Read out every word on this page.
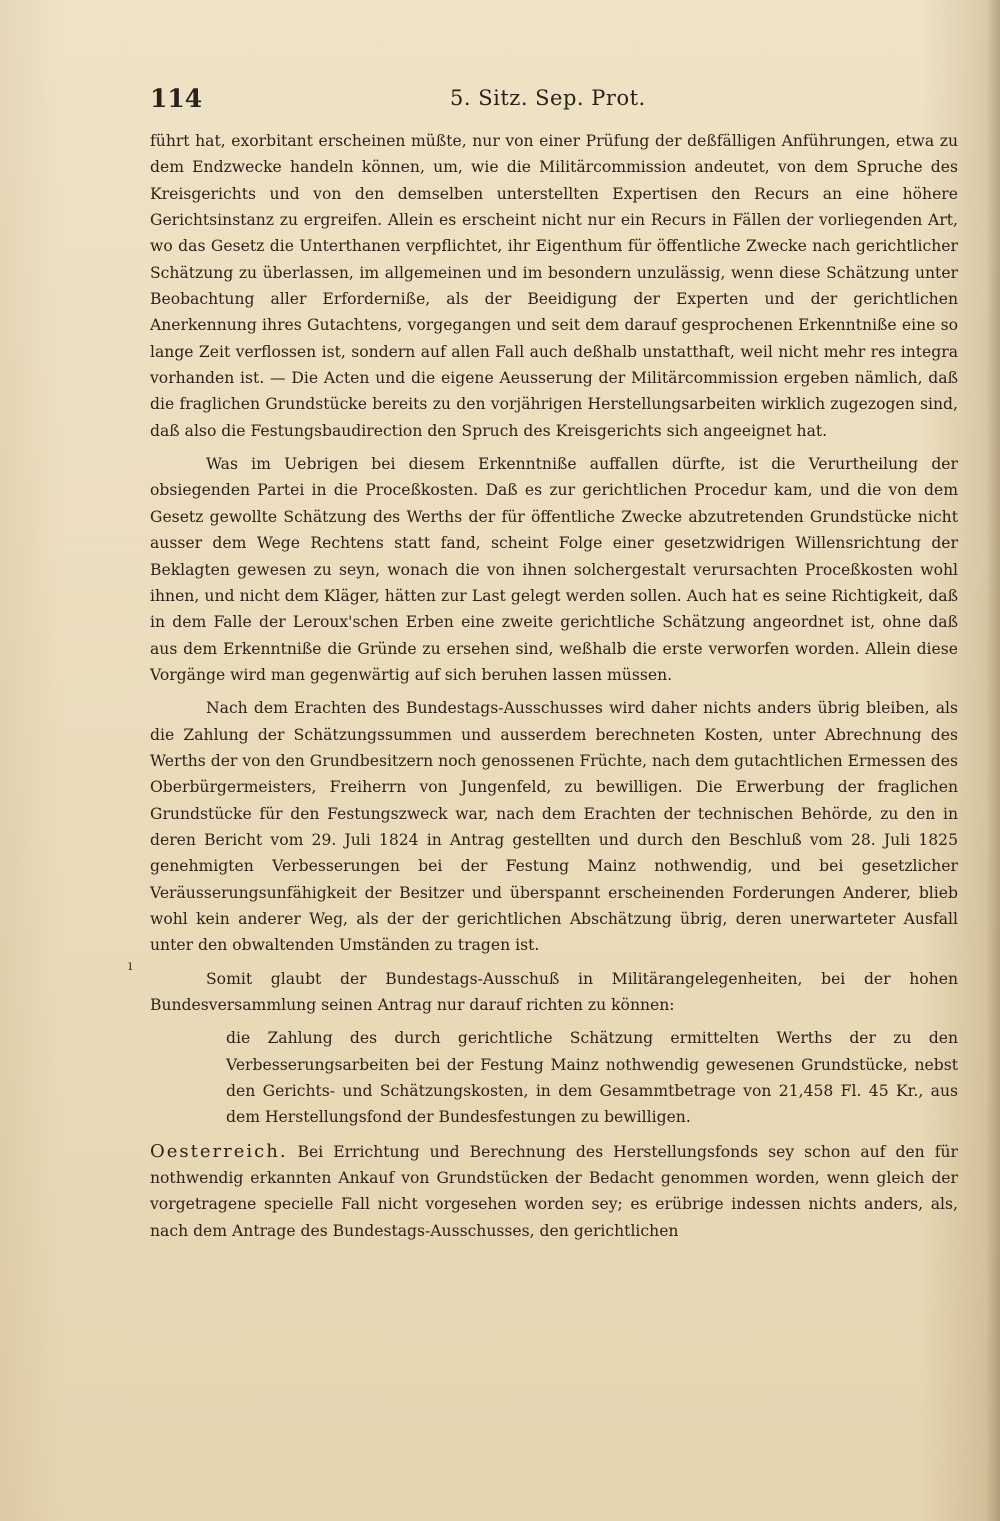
114	5. Sitz. Sep. Prot.
ı

führt hat, exorbitant erscheinen müßte, nur von einer Prüfung der deßfälligen Anführungen, etwa zu dem Endzwecke handeln können, um, wie die Militärcommission andeutet, von dem Spruche des Kreisgerichts und von den demselben unterstellten Expertisen den Recurs an eine höhere Gerichtsinstanz zu ergreifen. Allein es erscheint nicht nur ein Recurs in Fällen der vorliegenden Art, wo das Gesetz die Unterthanen verpflichtet, ihr Eigenthum für öffentliche Zwecke nach gerichtlicher Schätzung zu überlassen, im allgemeinen und im besondern unzulässig, wenn diese Schätzung unter Beobachtung aller Erforderniße, als der Beeidigung der Experten und der gerichtlichen Anerkennung ihres Gutachtens, vorgegangen und seit dem darauf gesprochenen Erkenntniße eine so lange Zeit verflossen ist, sondern auf allen Fall auch deßhalb unstatthaft, weil nicht mehr res integra vorhanden ist. — Die Acten und die eigene Aeusserung der Militärcommission ergeben nämlich, daß die fraglichen Grundstücke bereits zu den vorjährigen Herstellungsarbeiten wirklich zugezogen sind, daß also die Festungsbaudirection den Spruch des Kreisgerichts sich angeeignet hat.

Was im Uebrigen bei diesem Erkenntniße auffallen dürfte, ist die Verurtheilung der obsiegenden Partei in die Proceßkosten. Daß es zur gerichtlichen Procedur kam, und die von dem Gesetz gewollte Schätzung des Werths der für öffentliche Zwecke abzutretenden Grundstücke nicht ausser dem Wege Rechtens statt fand, scheint Folge einer gesetzwidrigen Willensrichtung der Beklagten gewesen zu seyn, wonach die von ihnen solchergestalt verursachten Proceßkosten wohl ihnen, und nicht dem Kläger, hätten zur Last gelegt werden sollen. Auch hat es seine Richtigkeit, daß in dem Falle der Leroux'schen Erben eine zweite gerichtliche Schätzung angeordnet ist, ohne daß aus dem Erkenntniße die Gründe zu ersehen sind, weßhalb die erste verworfen worden. Allein diese Vorgänge wird man gegenwärtig auf sich beruhen lassen müssen.

Nach dem Erachten des Bundestags-Ausschusses wird daher nichts anders übrig bleiben, als die Zahlung der Schätzungssummen und ausserdem berechneten Kosten, unter Abrechnung des Werths der von den Grundbesitzern noch genossenen Früchte, nach dem gutachtlichen Ermessen des Oberbürgermeisters, Freiherrn von Jungenfeld, zu bewilligen. Die Erwerbung der fraglichen Grundstücke für den Festungszweck war, nach dem Erachten der technischen Behörde, zu den in deren Bericht vom 29. Juli 1824 in Antrag gestellten und durch den Beschluß vom 28. Juli 1825 genehmigten Verbesserungen bei der Festung Mainz nothwendig, und bei gesetzlicher Veräusserungsunfähigkeit der Besitzer und überspannt erscheinenden Forderungen Anderer, blieb wohl kein anderer Weg, als der der gerichtlichen Abschätzung übrig, deren unerwarteter Ausfall unter den obwaltenden Umständen zu tragen ist.

Somit glaubt der Bundestags-Ausschuß in Militärangelegenheiten, bei der hohen Bundesversammlung seinen Antrag nur darauf richten zu können:

die Zahlung des durch gerichtliche Schätzung ermittelten Werths der zu den Verbesserungsarbeiten bei der Festung Mainz nothwendig gewesenen Grundstücke, nebst den Gerichts- und Schätzungskosten, in dem Gesammtbetrage von 21,458 Fl. 45 Kr., aus dem Herstellungsfond der Bundesfestungen zu bewilligen.

Oesterreich. Bei Errichtung und Berechnung des Herstellungsfonds sey schon auf den für nothwendig erkannten Ankauf von Grundstücken der Bedacht genommen worden, wenn gleich der vorgetragene specielle Fall nicht vorgesehen worden sey; es erübrige indessen nichts anders, als, nach dem Antrage des Bundestags-Ausschusses, den gerichtlichen
